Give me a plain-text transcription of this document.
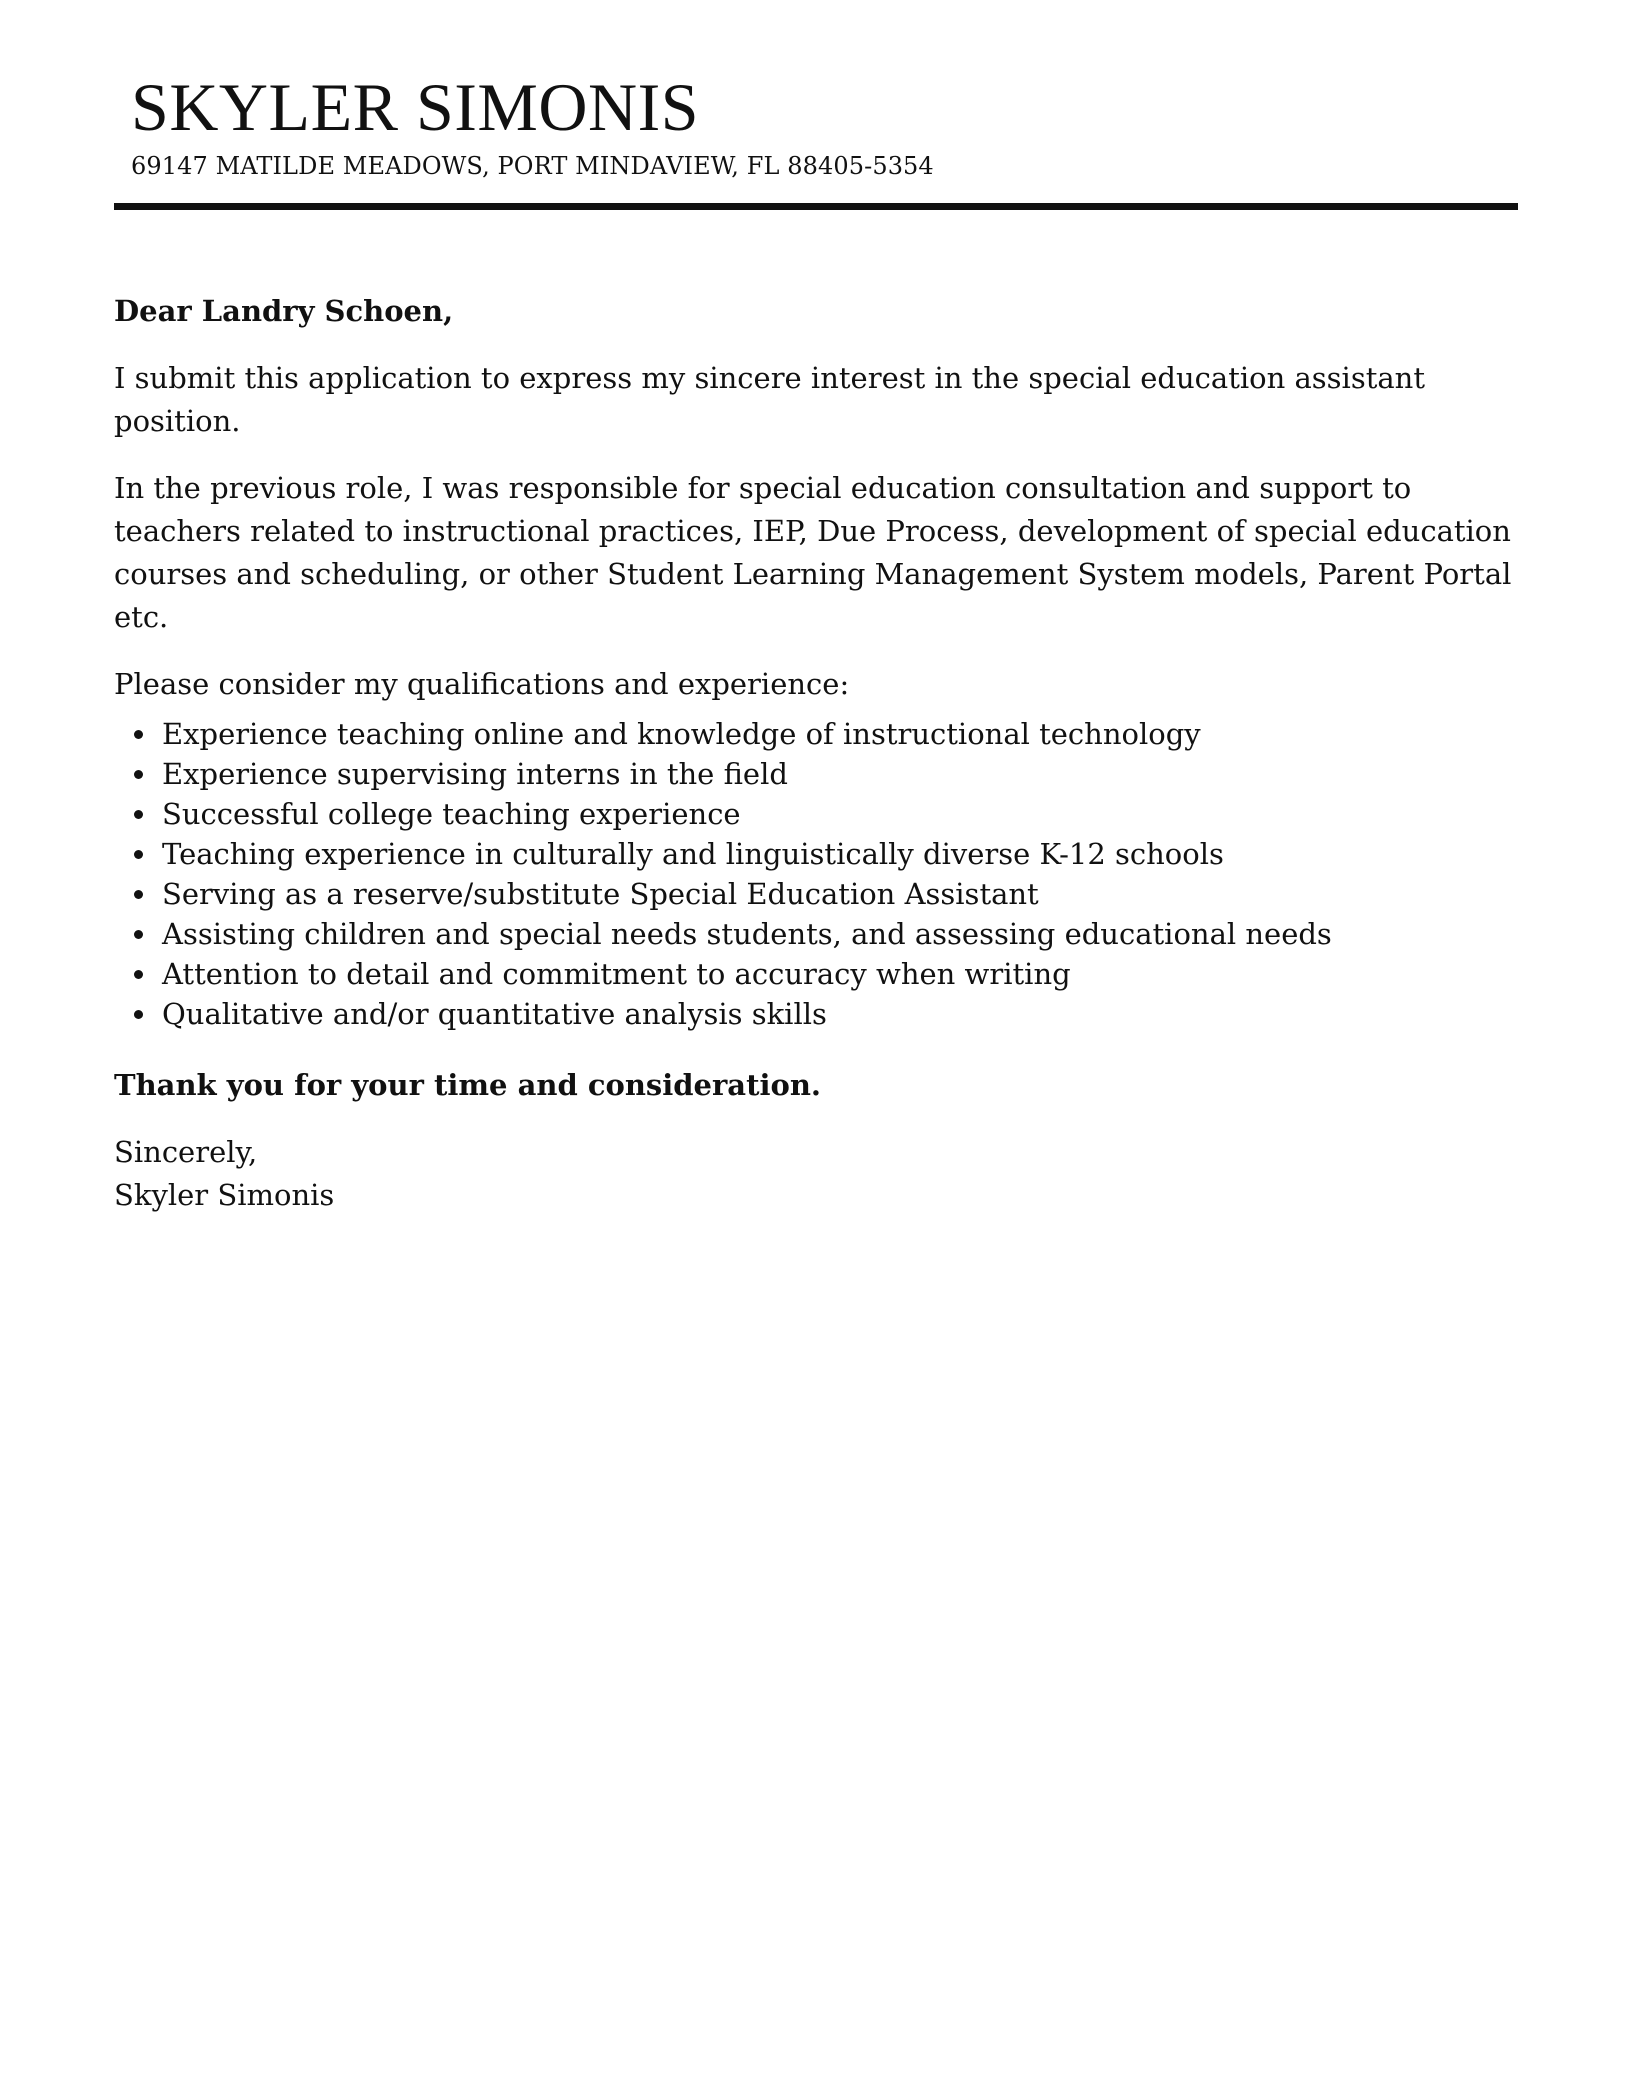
SKYLER SIMONIS
69147 MATILDE MEADOWS, PORT MINDAVIEW, FL 88405-5354

Dear Landry Schoen,

I submit this application to express my sincere interest in the special education assistant position.

In the previous role, I was responsible for special education consultation and support to teachers related to instructional practices, IEP, Due Process, development of special education courses and scheduling, or other Student Learning Management System models, Parent Portal etc.

Please consider my qualifications and experience:

Experience teaching online and knowledge of instructional technology
Experience supervising interns in the field
Successful college teaching experience
Teaching experience in culturally and linguistically diverse K-12 schools
Serving as a reserve/substitute Special Education Assistant
Assisting children and special needs students, and assessing educational needs
Attention to detail and commitment to accuracy when writing
Qualitative and/or quantitative analysis skills

Thank you for your time and consideration.

Sincerely,
Skyler Simonis
